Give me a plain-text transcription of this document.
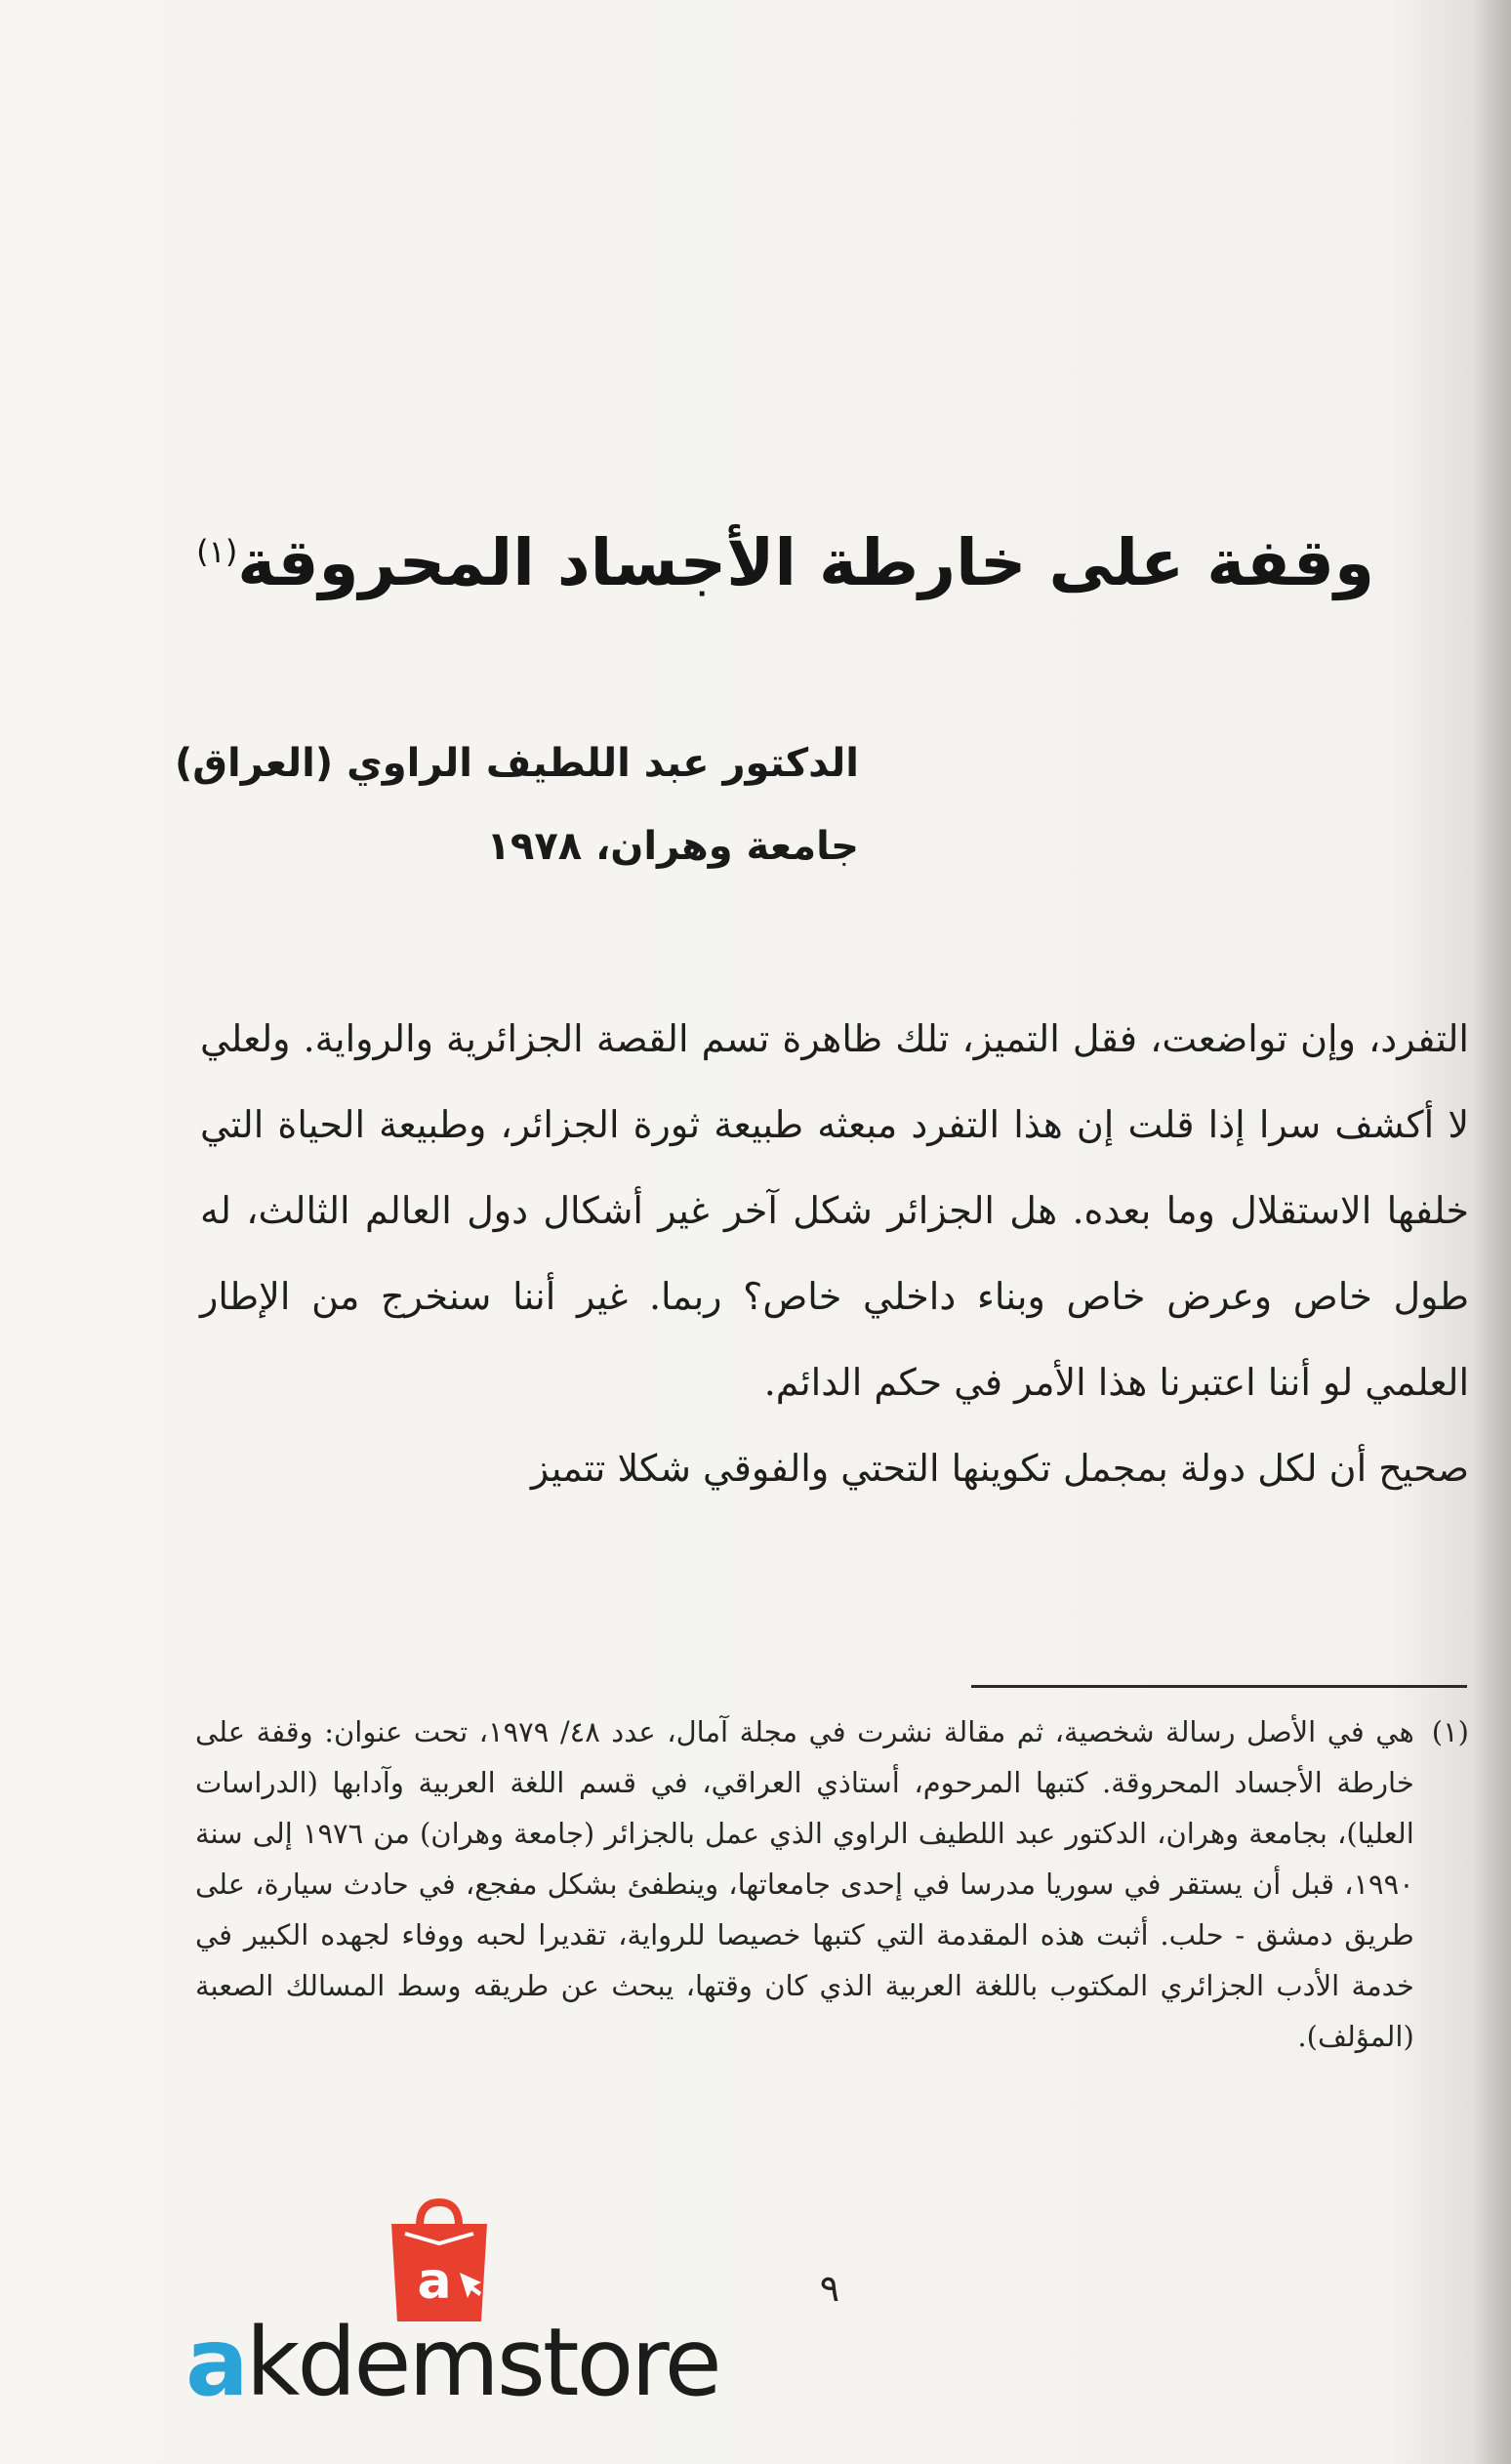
وقفة على خارطة الأجساد المحروقة$^{(١)}$
الدكتور عبد اللطيف الراوي (العراق)
جامعة وهران، ١٩٧٨

التفرد، وإن تواضعت، فقل التميز، تلك ظاهرة تسم القصة الجزائرية والرواية. ولعلي لا أكشف سرا إذا قلت إن هذا التفرد مبعثه طبيعة ثورة الجزائر، وطبيعة الحياة التي خلفها الاستقلال وما بعده. هل الجزائر شكل آخر غير أشكال دول العالم الثالث، له طول خاص وعرض خاص وبناء داخلي خاص؟ ربما. غير أننا سنخرج من الإطار العلمي لو أننا اعتبرنا هذا الأمر في حكم الدائم.

صحيح أن لكل دولة بمجمل تكوينها التحتي والفوقي شكلا تتميز

(١)
هي في الأصل رسالة شخصية، ثم مقالة نشرت في مجلة آمال، عدد ٤٨/ ١٩٧٩، تحت عنوان: وقفة على خارطة الأجساد المحروقة. كتبها المرحوم، أستاذي العراقي، في قسم اللغة العربية وآدابها (الدراسات العليا)، بجامعة وهران، الدكتور عبد اللطيف الراوي الذي عمل بالجزائر (جامعة وهران) من ١٩٧٦ إلى سنة ١٩٩٠، قبل أن يستقر في سوريا مدرسا في إحدى جامعاتها، وينطفئ بشكل مفجع، في حادث سيارة، على طريق دمشق - حلب. أثبت هذه المقدمة التي كتبها خصيصا للرواية، تقديرا لحبه ووفاء لجهده الكبير في خدمة الأدب الجزائري المكتوب باللغة العربية الذي كان وقتها، يبحث عن طريقه وسط المسالك الصعبة (المؤلف).
٩
a
akdemstore
